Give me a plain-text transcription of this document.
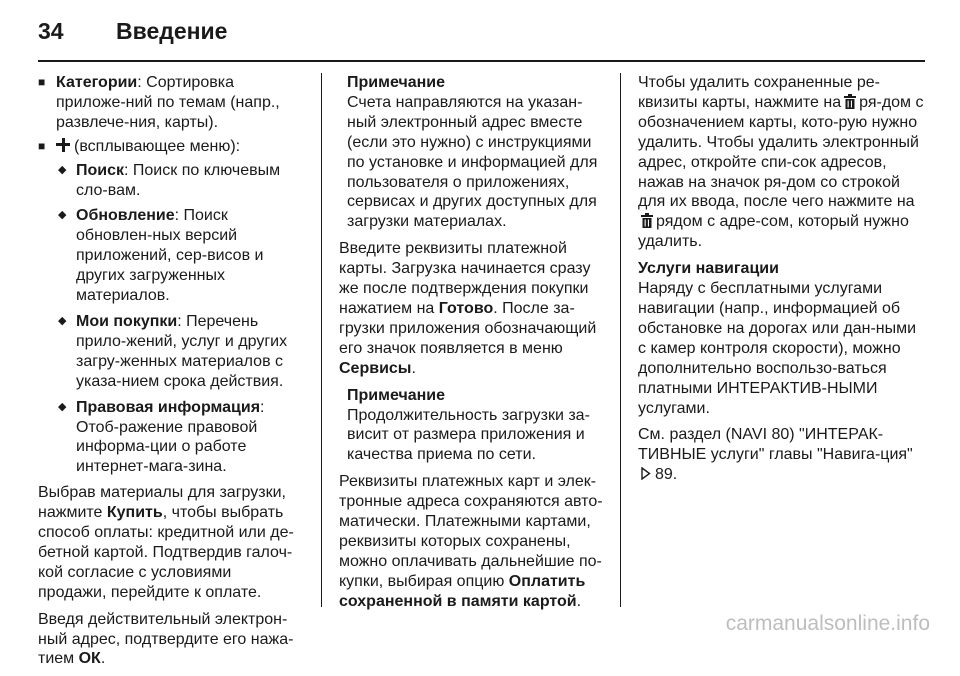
34 Введение
■ Категории: Сортировка приложе-ний по темам (напр., развлече-ния, карты).
■	(всплывающее меню):
◆ Поиск: Поиск по ключевым сло-вам.
◆ Обновление: Поиск обновлен-ных версий приложений, сер-висов и других загруженных материалов.
◆ Мои покупки: Перечень прило-жений, услуг и других загру-женных материалов с указа-нием срока действия.
◆ Правовая информация: Отоб-ражение правовой информа-ции о работе интернет-мага-зина.

Выбрав материалы для загрузки, нажмите Купить, чтобы выбрать способ оплаты: кредитной или де-бетной картой. Подтвердив галоч-кой согласие с условиями продажи, перейдите к оплате.

Введя действительный электрон-ный адрес, подтвердите его нажа-тием ОК.

Примечание
Счета направляются на указан-ный электронный адрес вместе (если это нужно) с инструкциями по установке и информацией для пользователя о приложениях, сервисах и других доступных для загрузки материалах.

Введите реквизиты платежной карты. Загрузка начинается сразу же после подтверждения покупки нажатием на Готово. После за-грузки приложения обозначающий его значок появляется в меню Сервисы.

Примечание
Продолжительность загрузки за-висит от размера приложения и качества приема по сети.

Реквизиты платежных карт и элек-тронные адреса сохраняются авто-матически. Платежными картами, реквизиты которых сохранены, можно оплачивать дальнейшие по-купки, выбирая опцию Оплатить сохраненной в памяти картой.

Чтобы удалить сохраненные ре-квизиты карты, нажмите на ря-дом с обозначением карты, кото-рую нужно удалить. Чтобы удалить электронный адрес, откройте спи-сок адресов, нажав на значок ря-дом со строкой для их ввода, после чего нажмите нарядом с адре-сом, который нужно удалить.

Услуги навигации
Наряду с бесплатными услугами навигации (напр., информацией об обстановке на дорогах или дан-ными с камер контроля скорости), можно дополнительно воспользо-ваться платными ИНТЕРАКТИВ-НЫМИ услугами.

См. раздел (NAVI 80) "ИНТЕРАК-ТИВНЫЕ услуги" главы "Навига-ция"89.

carmanualsonline.info
